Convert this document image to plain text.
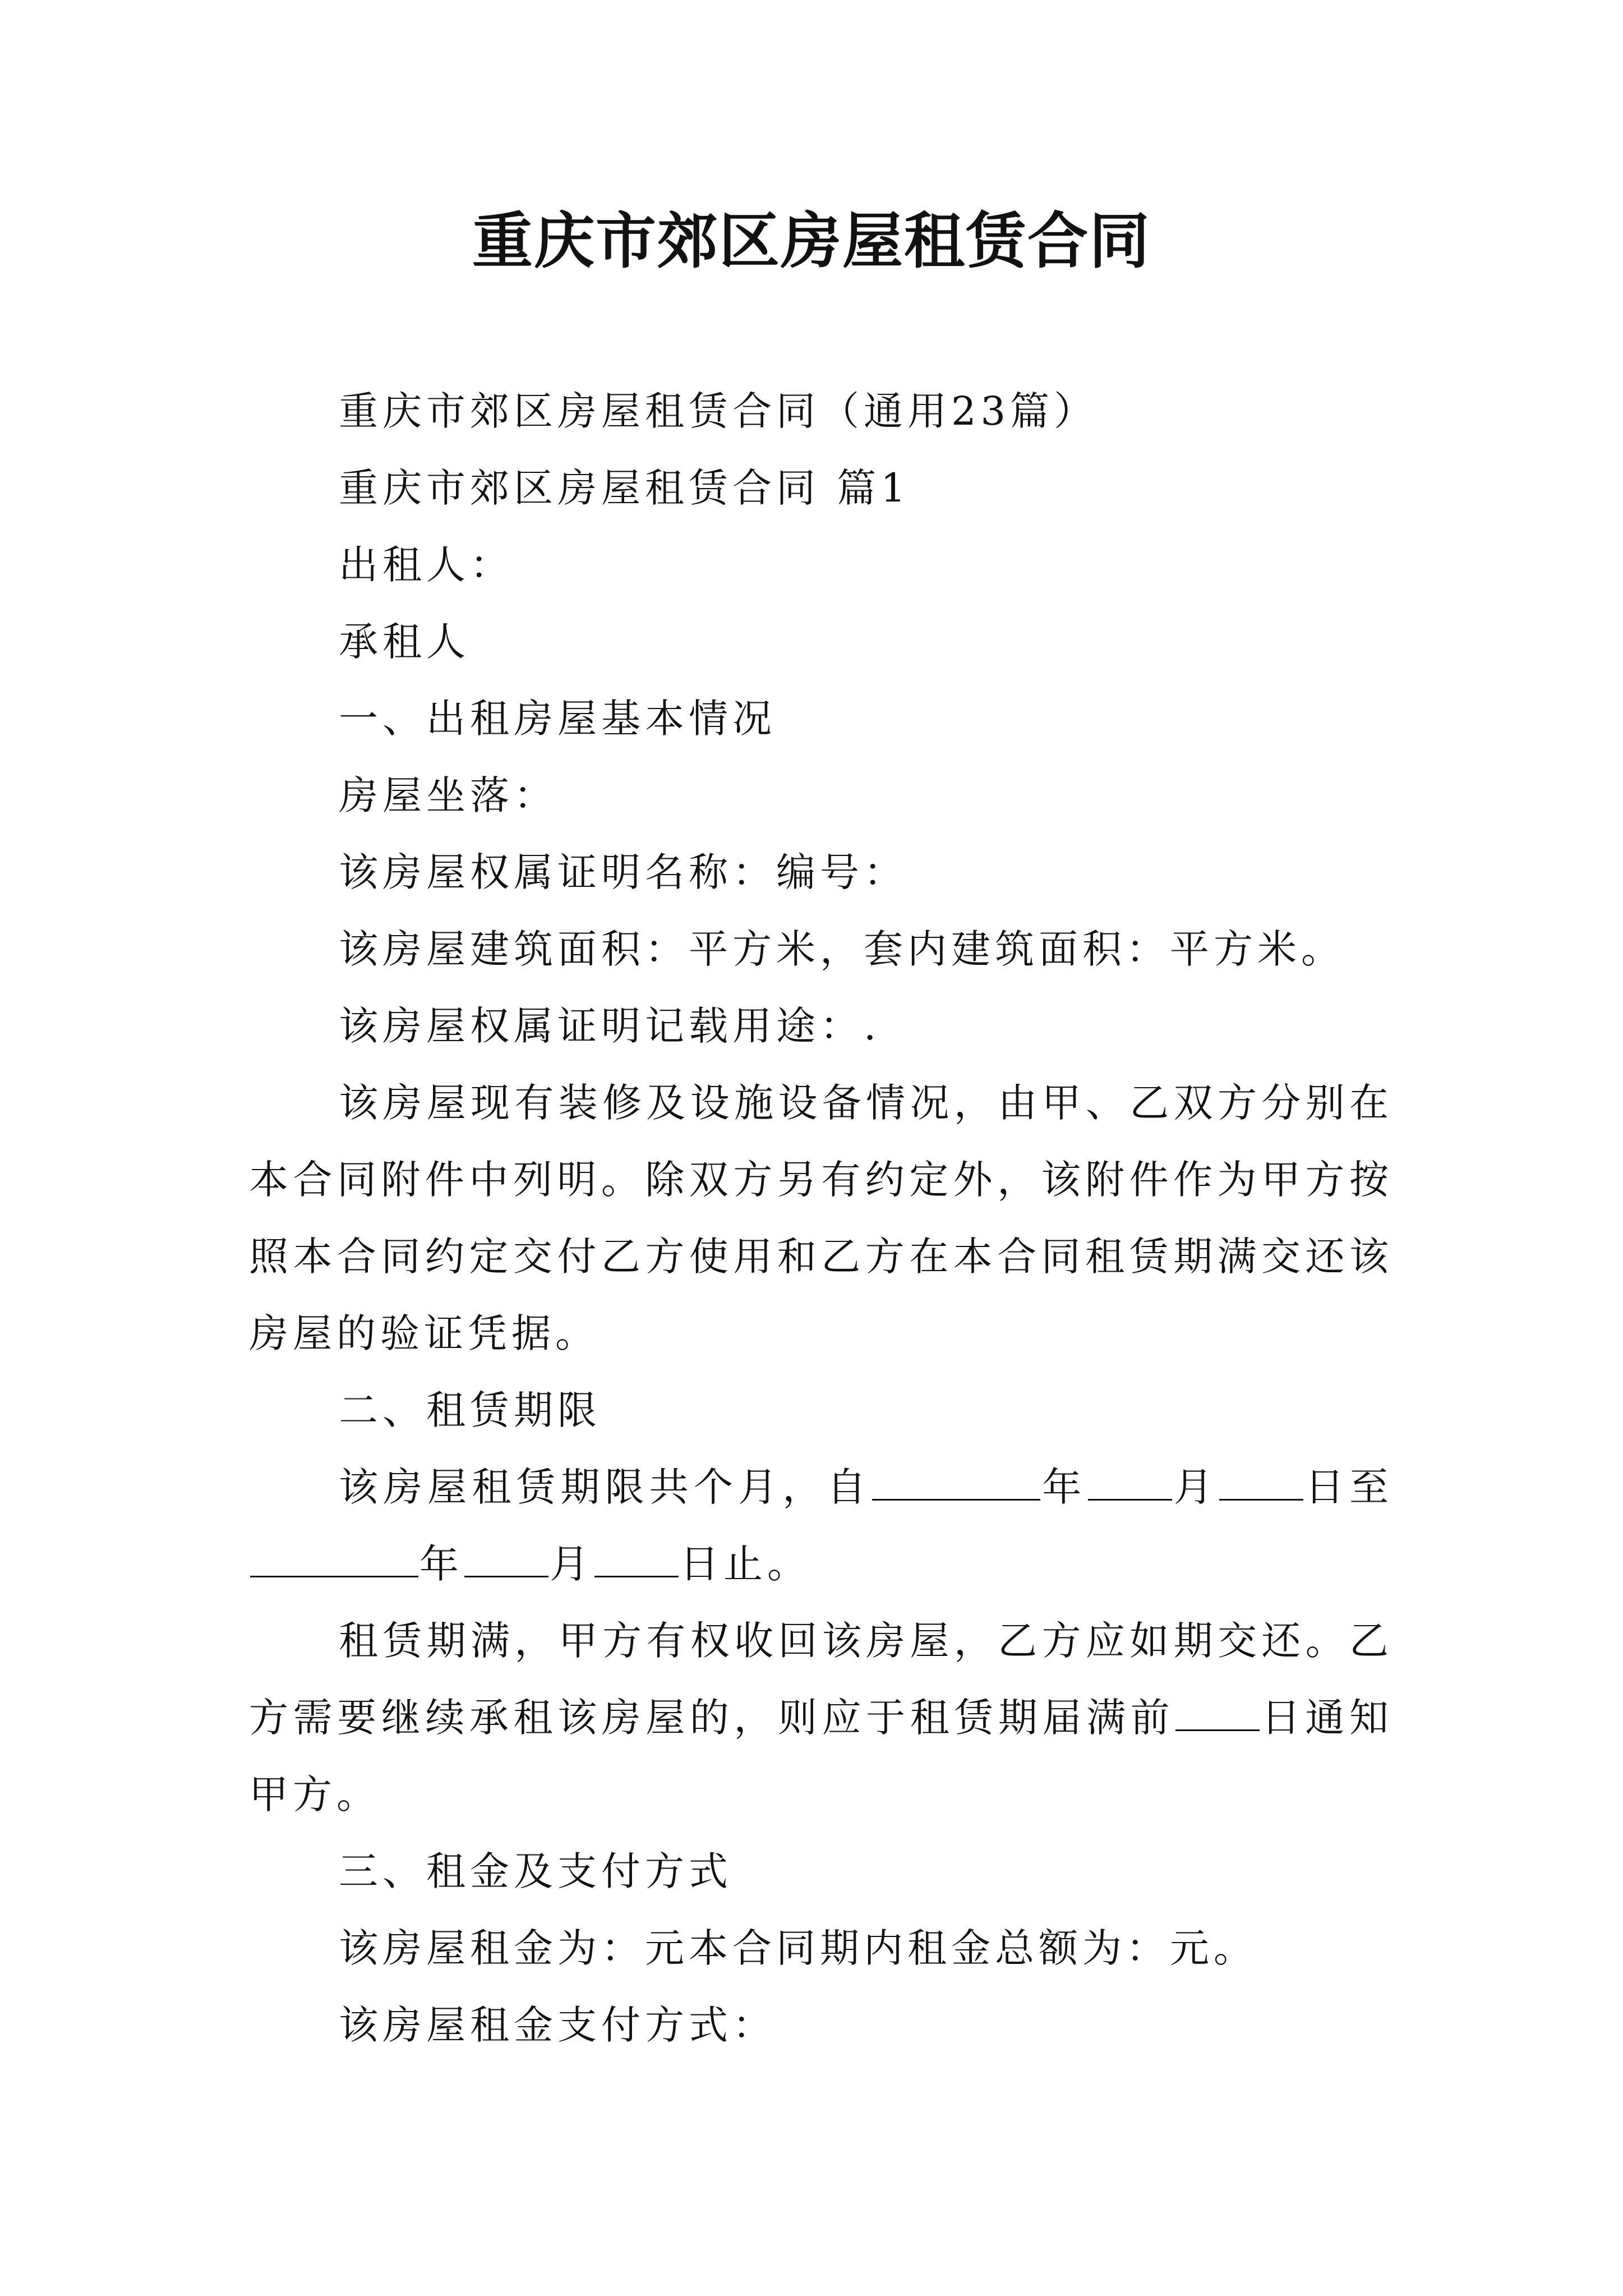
重庆市郊区房屋租赁合同

重庆市郊区房屋租赁合同（通用23篇）

重庆市郊区房屋租赁合同 篇1

出租人：

承租人

一、出租房屋基本情况

房屋坐落：

该房屋权属证明名称：编号：

该房屋建筑面积：平方米，套内建筑面积：平方米。

该房屋权属证明记载用途：.

该房屋现有装修及设施设备情况，由甲、乙双方分别在本合同附件中列明。除双方另有约定外，该附件作为甲方按照本合同约定交付乙方使用和乙方在本合同租赁期满交还该房屋的验证凭据。

二、租赁期限

该房屋租赁期限共个月，自	年 月 日至年 月 日止。

租赁期满，甲方有权收回该房屋，乙方应如期交还。乙方需要继续承租该房屋的，则应于租赁期届满前 日通知甲方。

三、租金及支付方式

该房屋租金为：元本合同期内租金总额为：元。

该房屋租金支付方式：
